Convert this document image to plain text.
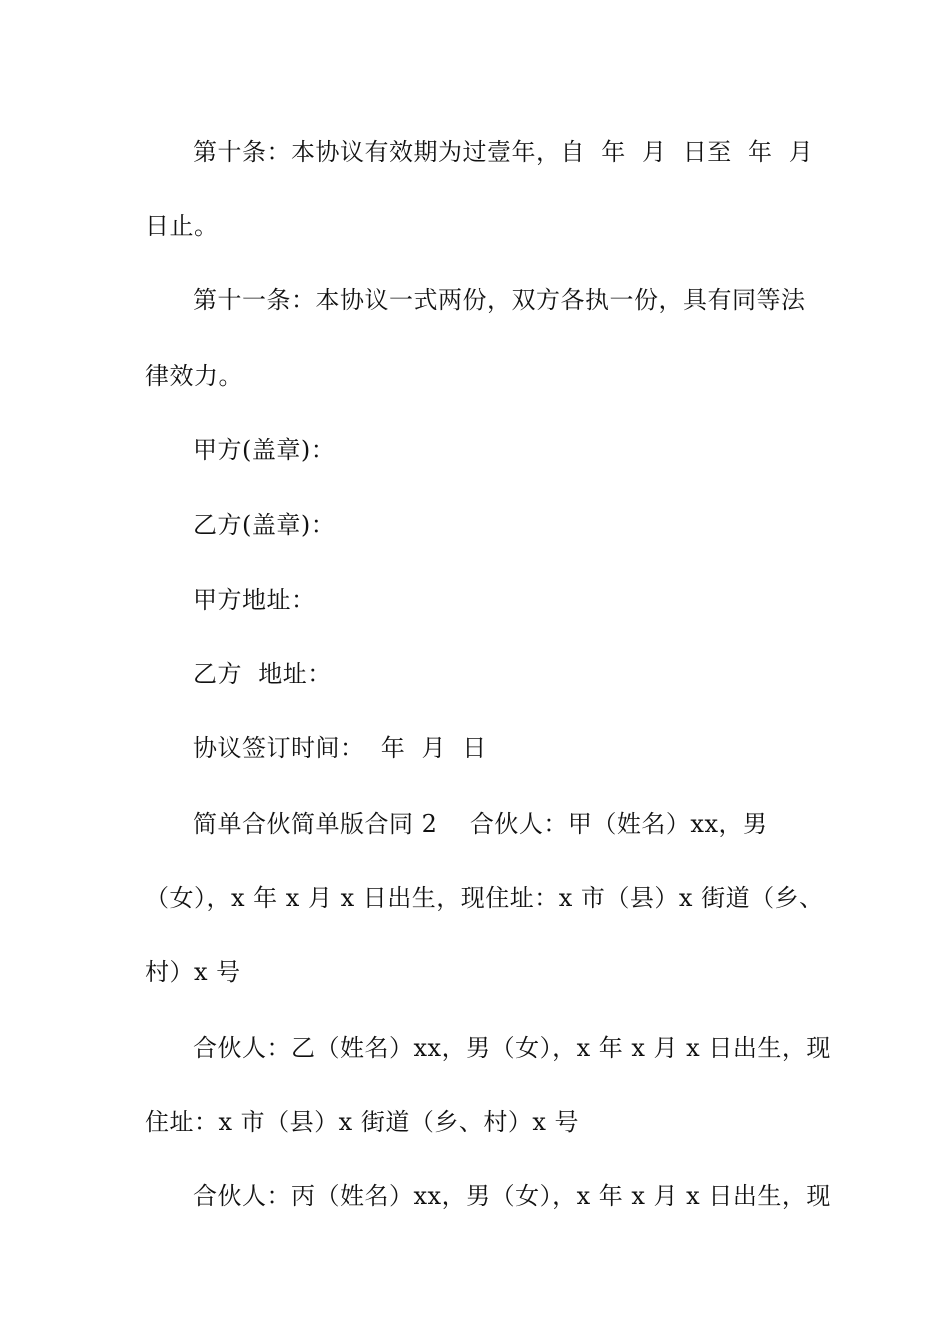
第十条：本协议有效期为过壹年，自  年  月  日至  年  月
日止。
第十一条：本协议一式两份，双方各执一份，具有同等法
律效力。
甲方(盖章)：
乙方(盖章)：
甲方地址：
乙方  地址：
协议签订时间：  年  月  日
简单合伙简单版合同 2    合伙人：甲（姓名）xx，男
（女），x 年 x 月 x 日出生，现住址：x 市（县）x 街道（乡、
村）x 号
合伙人：乙（姓名）xx，男（女），x 年 x 月 x 日出生，现
住址：x 市（县）x 街道（乡、村）x 号
合伙人：丙（姓名）xx，男（女），x 年 x 月 x 日出生，现
